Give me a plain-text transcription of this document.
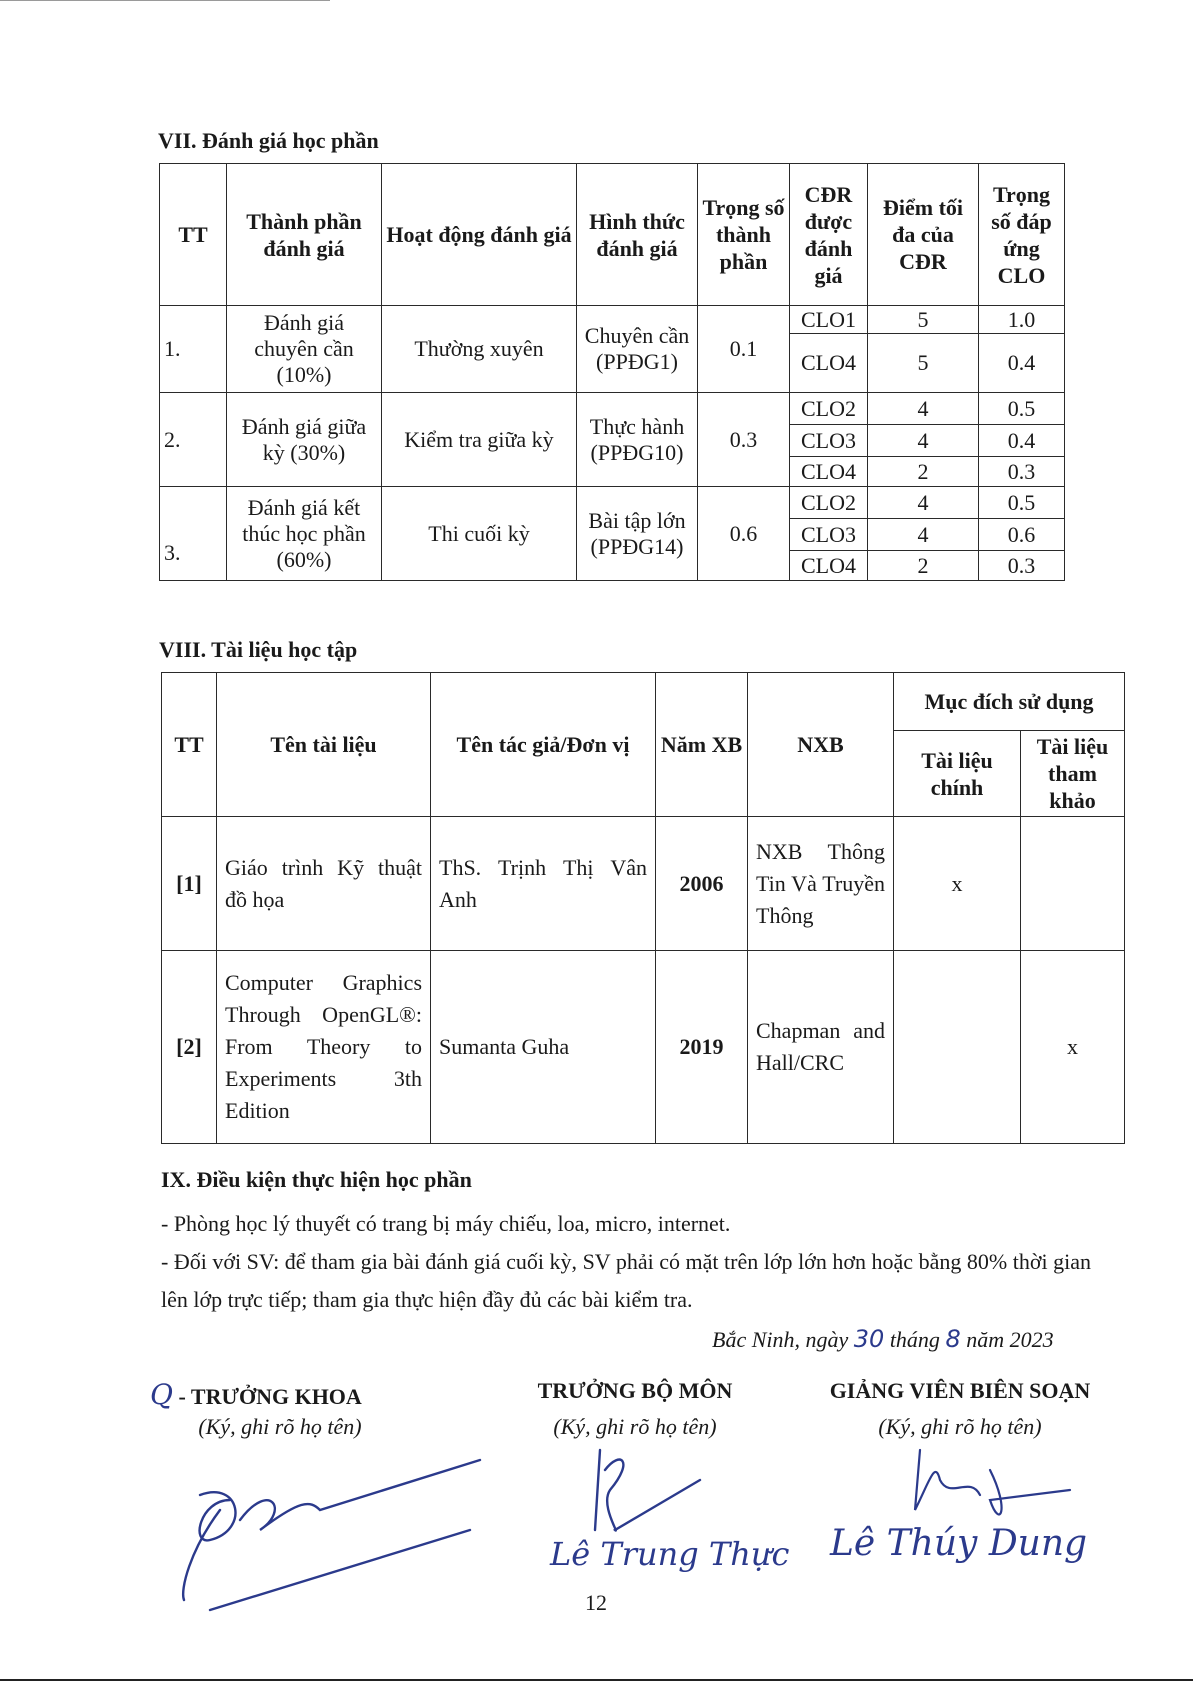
VII. Đánh giá học phần
TT	Thành phần đánh giá	Hoạt động đánh giá	Hình thức đánh giá	Trọng số thành phần	CĐR được đánh giá	Điểm tối đa của CĐR	Trọng số đáp ứng CLO
1.	Đánh giá chuyên cần (10%)	Thường xuyên	Chuyên cần (PPĐG1)	0.1	CLO1	5	1.0
					CLO4	5	0.4
2.	Đánh giá giữa kỳ (30%)	Kiểm tra giữa kỳ	Thực hành (PPĐG10)	0.3	CLO2	4	0.5
					CLO3	4	0.4
					CLO4	2	0.3
3.	Đánh giá kết thúc học phần (60%)	Thi cuối kỳ	Bài tập lớn (PPĐG14)	0.6	CLO2	4	0.5
					CLO3	4	0.6
					CLO4	2	0.3
VIII. Tài liệu học tập
TT	Tên tài liệu	Tên tác giả/Đơn vị	Năm XB	NXB	Mục đích sử dụng	
					Tài liệu chính	Tài liệu tham khảo
[1]	Giáo trình Kỹ thuật đồ họa	ThS. Trịnh Thị Vân Anh	2006	NXB Thông Tin Và Truyền Thông	x	
[2]	Computer Graphics Through OpenGL®: From Theory to Experiments 3th Edition	Sumanta Guha	2019	Chapman and Hall/CRC		x
IX. Điều kiện thực hiện học phần

- Phòng học lý thuyết có trang bị máy chiếu, loa, micro, internet.

- Đối với SV: để tham gia bài đánh giá cuối kỳ, SV phải có mặt trên lớp lớn hơn hoặc bằng 80% thời gian lên lớp trực tiếp; tham gia thực hiện đầy đủ các bài kiểm tra.

Bắc Ninh, ngày 30 tháng 8 năm 2023
Q - TRƯỞNG KHOA
(Ký, ghi rõ họ tên)
TRƯỞNG BỘ MÔN
(Ký, ghi rõ họ tên)
GIẢNG VIÊN BIÊN SOẠN
(Ký, ghi rõ họ tên)
Lê Trung Thực Lê Thúy Dung
12
